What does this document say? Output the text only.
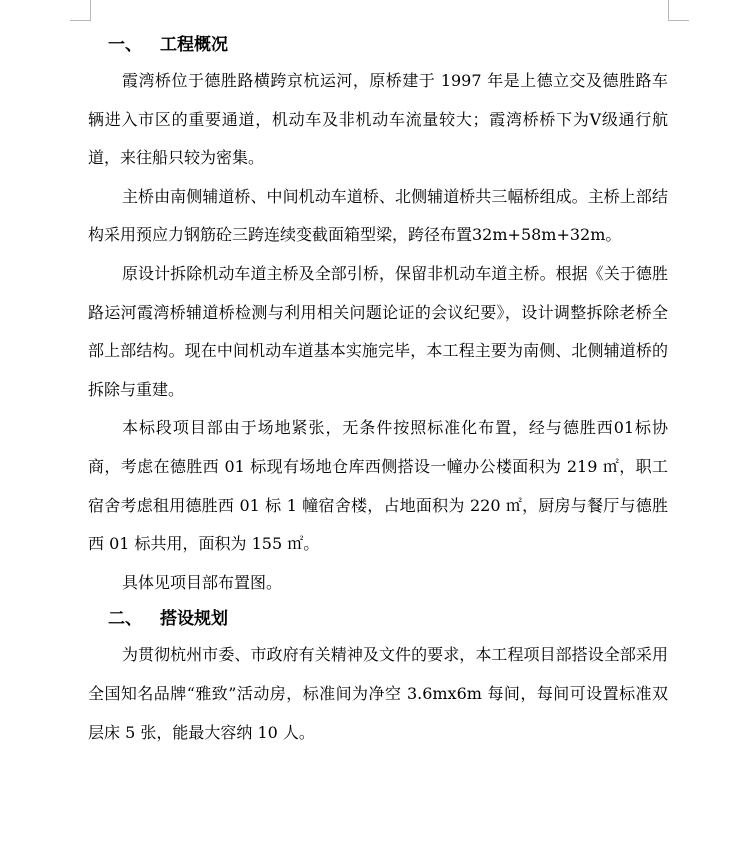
一、 工程概况

霞湾桥位于德胜路横跨京杭运河，原桥建于 1997 年是上德立交及德胜路车辆进入市区的重要通道，机动车及非机动车流量较大；霞湾桥桥下为Ⅴ级通行航道，来往船只较为密集。

主桥由南侧辅道桥、中间机动车道桥、北侧辅道桥共三幅桥组成。主桥上部结构采用预应力钢筋砼三跨连续变截面箱型梁，跨径布置32m+58m+32m。

原设计拆除机动车道主桥及全部引桥，保留非机动车道主桥。根据《关于德胜路运河霞湾桥辅道桥检测与利用相关问题论证的会议纪要》，设计调整拆除老桥全部上部结构。现在中间机动车道基本实施完毕，本工程主要为南侧、北侧辅道桥的拆除与重建。

本标段项目部由于场地紧张，无条件按照标准化布置，经与德胜西01标协商，考虑在德胜西 01 标现有场地仓库西侧搭设一幢办公楼面积为 219 ㎡，职工宿舍考虑租用德胜西 01 标 1 幢宿舍楼，占地面积为 220 ㎡，厨房与餐厅与德胜西 01 标共用，面积为 155 ㎡。

具体见项目部布置图。

二、 搭设规划

为贯彻杭州市委、市政府有关精神及文件的要求，本工程项目部搭设全部采用全国知名品牌“雅致”活动房，标准间为净空 3.6mx6m 每间，每间可设置标准双层床 5 张，能最大容纳 10 人。
